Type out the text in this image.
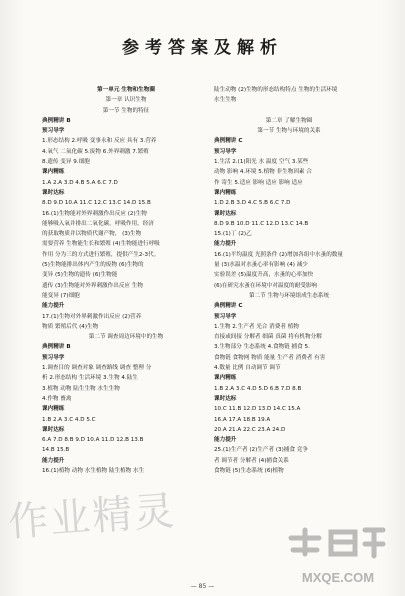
参考答案及解析
第一单元 生物和生物圈
第一章 认识生物
第一节 生物的特征
典例精讲 B
预习导学
1.形态结构 2.呼吸 变事永和 反应 具有 3.营养
4.氧气 二氧化碳 5.废物 6.外界刺激 7.繁殖
8.遗传 变异 9.细胞
课内精练
1.A 2.A 3.D 4.B 5.A 6.C 7.D
课时达标
8.D 9.D 10.A 11.C 12.C 13.C 14.D 15.B
16.(1)生物能对外界刺激作出反应 (2)生物
能够吸入氧并排出二氧化碳，呼吸作用，经济
的获取物质并以物质代谢产物， (3)生物
需要营养 生物能生长和繁殖 (4)生物能进行呼吸
作用 分为三的方式进行繁殖，提供产生2-3代。
(5)生物能排出体内产生的废物 (6)生物的
变异 (5)生物的遗传 (6)生物能
遗传 (3)生物能对外界刺激作出反应 生物
能变异 (7)细胞
能力提升
17.(1)生物对外界刺激作出反应 (2)营养
物质 繁殖后代 (4)生物
第二节 调查周边环境中的生物
典例精讲 B
预习导学
1.调查目的 调查对象 调查路线 调查 整理 分
析 2.形态结构 生活环境 3.生物 4.陆生
3.植物 动物 陆生生物 水生生物
4.作物 畜禽
课内精练
1.B 2.A 3.C 4.D 5.C
课时达标
6.A 7.D 8.B 9.D 10.A 11.D 12.B 13.B
14.B 15.B
能力提升
16.(1)植物 动物 水生植物 陆生植物 水生
陆生动物 (2)生物的形态结构特点 生物的生活环境
水生生物
第二章 了解生物圈
第一节 生物与环境的关系
典例精讲 C
预习导学
1.生活 2.(1)阳光 水 温度 空气 3.某些
动物 影响 4.环境 5.植物 非生物因素 合
作 寄生 5.适应 影响 适应 影响 适应
课内精练
1.D 2.B 3.D 4.C 5.B 6.C 7.D
课时达标
8.D 9.B 10.D 11.C 12.D 13.C 14.B
15.(1)丁 (2)乙
能力提升
16.(1)平均温度 光照条件 (2)增加各组中水蚤的数量
量 (3)水温对水蚤心率有影响 (4) 减少
实验误差 (5)温度升高，水蚤的心率加快
(6)在研究水蚤在环境中对温度的耐受影响
第二节 生物与环境组成生态系统
典例精讲 C
预习导学
1.生物 2.生产者 光合 消费者 植物
直接或间接 分解者 细菌 真菌 将有机物分解
3.生物部分 生态系统 4.食物链 捕食 5.
食物链 食物网 物质 能量 生产者 消费者 有害
4.数量 比例 自动调节 调节
课内精练
1.B 2.A 3.C 4.D 5.D 6.B 7.D 8.B
课时达标
10.C 11.B 12.D 13.D 14.C 15.A
16.A 17.A 18.B 19.A
20.A 21.A 22.C 23.A 24.D
能力提升
25.(1)生产者 (2)生产者 (3)捕食 竞争
者 调节者 分解者 (4)捕食关系
食物链 (5)生态系统 (6)植物
作业精灵
MXQE.COM
— 85 —
